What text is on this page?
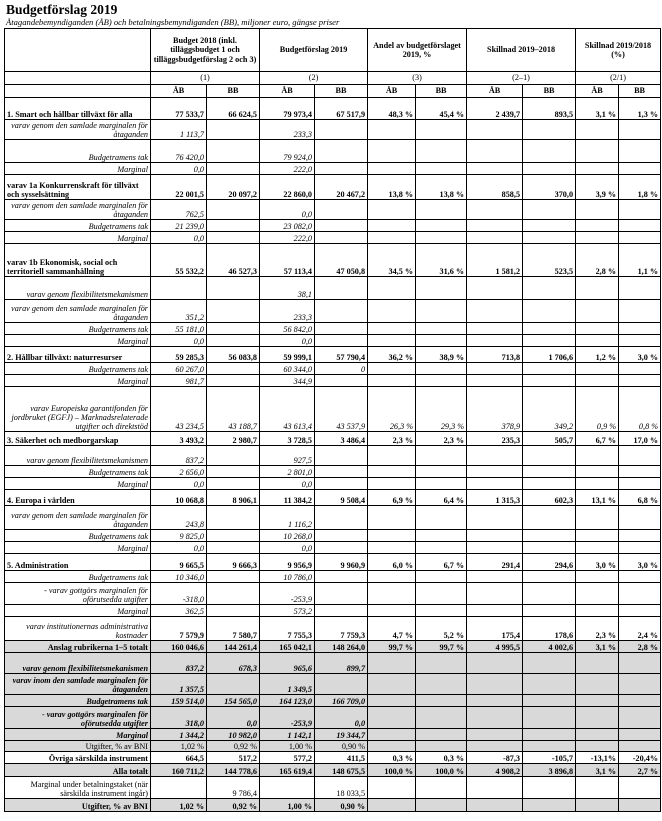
Budgetförslag 2019
Åtagandebemyndiganden (ÅB) och betalningsbemyndiganden (BB), miljoner euro, gängse priser
	Budget 2018 (inkl. tilläggsbudget 1 och tilläggsbudgetförslag 2 och 3)		Budgetförslag 2019		Andel av budgetförslaget 2019, %		Skillnad 2019–2018		Skillnad 2019/2018 (%)	
	(1)		(2)		(3)		(2–1)		(2/1)	
	ÅB	BB	ÅB	BB	ÅB	BB	ÅB	BB	ÅB	BB
1. Smart och hållbar tillväxt för alla	77 533,7	66 624,5	79 973,4	67 517,9	48,3 %	45,4 %	2 439,7	893,5	3,1 %	1,3 %
varav genom den samlade marginalen för åtaganden	1 113,7		233,3							
Budgetramens tak	76 420,0		79 924,0							
Marginal	0,0		222,0							
varav 1a Konkurrenskraft för tillväxt och sysselsättning	22 001,5	20 097,2	22 860,0	20 467,2	13,8 %	13,8 %	858,5	370,0	3,9 %	1,8 %
varav genom den samlade marginalen för åtaganden	762,5		0,0							
Budgetramens tak	21 239,0		23 082,0							
Marginal	0,0		222,0							
varav 1b Ekonomisk, social och territoriell sammanhållning	55 532,2	46 527,3	57 113,4	47 050,8	34,5 %	31,6 %	1 581,2	523,5	2,8 %	1,1 %
varav genom flexibilitetsmekanismen			38,1							
varav genom den samlade marginalen för åtaganden	351,2		233,3							
Budgetramens tak	55 181,0		56 842,0							
Marginal	0,0		0,0							
2. Hållbar tillväxt: naturresurser	59 285,3	56 083,8	59 999,1	57 790,4	36,2 %	38,9 %	713,8	1 706,6	1,2 %	3,0 %
Budgetramens tak	60 267,0		60 344,0	0						
Marginal	981,7		344,9							
varav Europeiska garantifonden för jordbruket (EGFJ) – Marknadsrelaterade utgifter och direktstöd	43 234,5	43 188,7	43 613,4	43 537,9	26,3 %	29,3 %	378,9	349,2	0,9 %	0,8 %
3. Säkerhet och medborgarskap	3 493,2	2 980,7	3 728,5	3 486,4	2,3 %	2,3 %	235,3	505,7	6,7 %	17,0 %
varav genom flexibilitetsmekanismen	837,2		927,5							
Budgetramens tak	2 656,0		2 801,0							
Marginal	0,0		0,0							
4. Europa i världen	10 068,8	8 906,1	11 384,2	9 508,4	6,9 %	6,4 %	1 315,3	602,3	13,1 %	6,8 %
varav genom den samlade marginalen för åtaganden	243,8		1 116,2							
Budgetramens tak	9 825,0		10 268,0							
Marginal	0,0		0,0							
5. Administration	9 665,5	9 666,3	9 956,9	9 960,9	6,0 %	6,7 %	291,4	294,6	3,0 %	3,0 %
Budgetramens tak	10 346,0		10 786,0							
- varav gottgörs marginalen för oförutsedda utgifter	-318,0		-253,9							
Marginal	362,5		573,2							
varav institutionernas administrativa kostnader	7 579,9	7 580,7	7 755,3	7 759,3	4,7 %	5,2 %	175,4	178,6	2,3 %	2,4 %
Anslag rubrikerna 1–5 totalt	160 046,6	144 261,4	165 042,1	148 264,0	99,7 %	99,7 %	4 995,5	4 002,6	3,1 %	2,8 %
varav genom flexibilitetsmekanismen	837,2	678,3	965,6	899,7						
varav inom den samlade marginalen för åtaganden	1 357,5		1 349,5							
Budgetramens tak	159 514,0	154 565,0	164 123,0	166 709,0						
- varav gottgörs marginalen för oförutsedda utgifter	318,0	0,0	-253,9	0,0						
Marginal	1 344,2	10 982,0	1 142,1	19 344,7						
Utgifter, % av BNI	1,02 %	0,92 %	1,00 %	0,90 %						
Övriga särskilda instrument	664,5	517,2	577,2	411,5	0,3 %	0,3 %	-87,3	-105,7	-13,1%	-20,4%
Alla totalt	160 711,2	144 778,6	165 619,4	148 675,5	100,0 %	100,0 %	4 908,2	3 896,8	3,1 %	2,7 %
Marginal under betalningstaket (när särskilda instrument ingår)		9 786,4		18 033,5						
Utgifter, % av BNI	1,02 %	0,92 %	1,00 %	0,90 %						
